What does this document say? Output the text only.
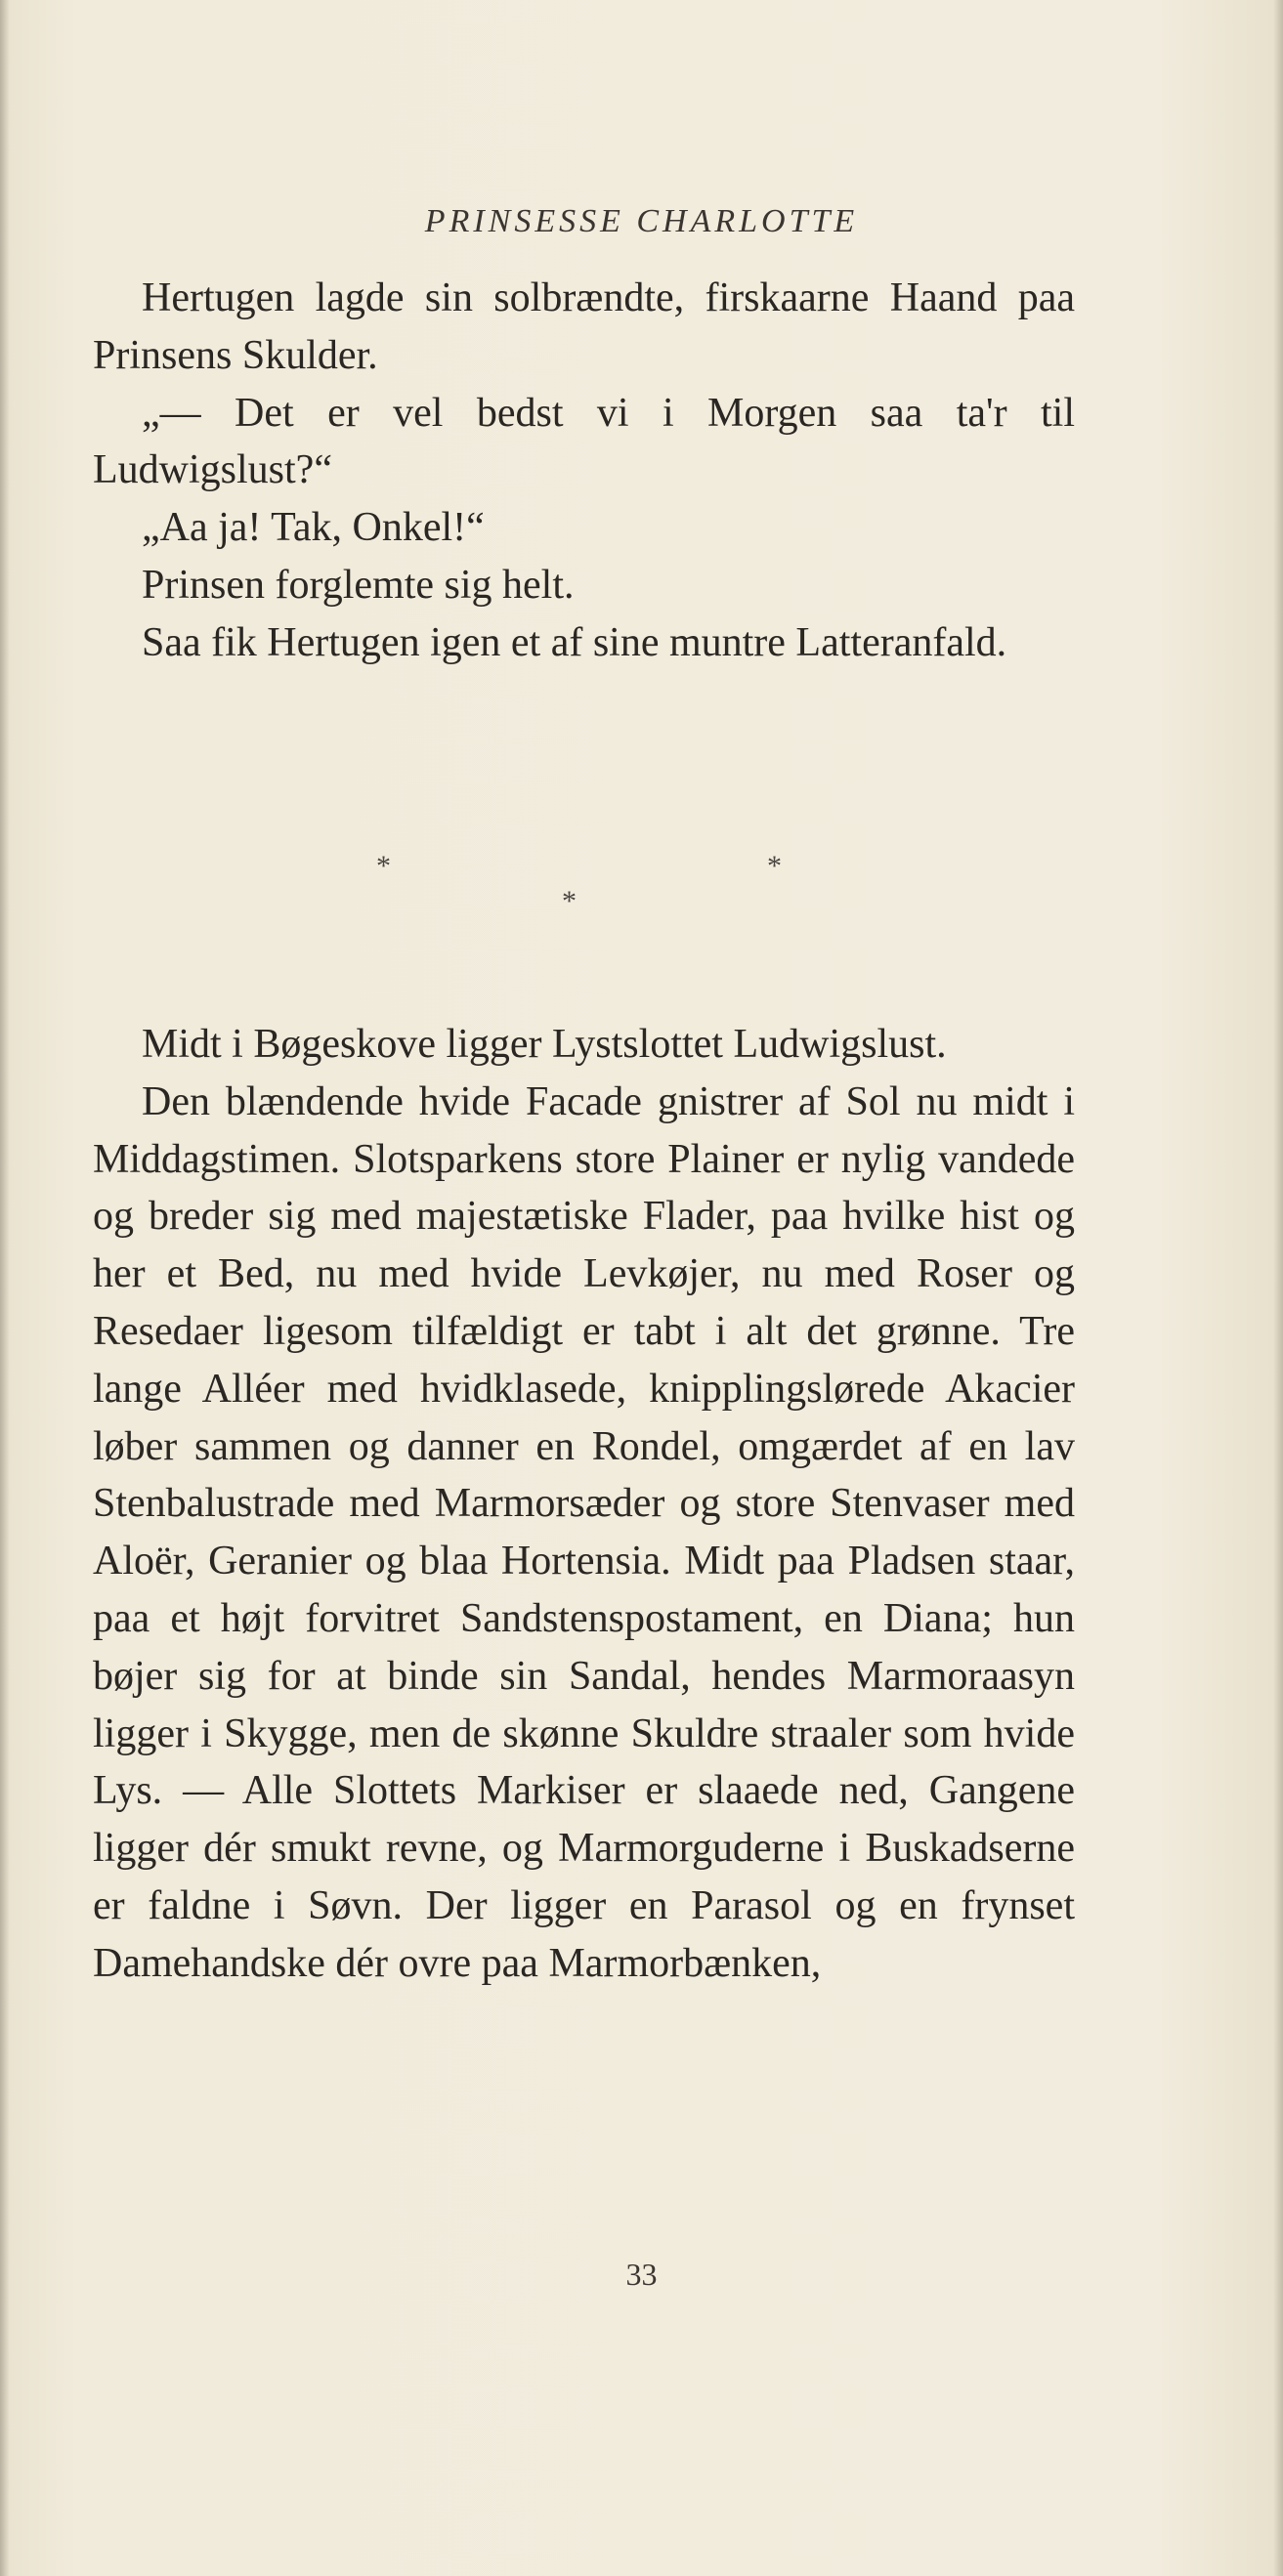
PRINSESSE CHARLOTTE

Hertugen lagde sin solbrændte, firskaarne Haand paa Prinsens Skulder.

„— Det er vel bedst vi i Morgen saa ta'r til Ludwigslust?“

„Aa ja! Tak, Onkel!“

Prinsen forglemte sig helt.

Saa fik Hertugen igen et af sine muntre Latteranfald.

*	*
*

Midt i Bøgeskove ligger Lystslottet Ludwigslust.

Den blændende hvide Facade gnistrer af Sol nu midt i Middagstimen. Slotsparkens store Plainer er nylig vandede og breder sig med majestætiske Flader, paa hvilke hist og her et Bed, nu med hvide Levkøjer, nu med Roser og Resedaer ligesom tilfældigt er tabt i alt det grønne. Tre lange Alléer med hvidklasede, knipplingslørede Akacier løber sammen og danner en Rondel, omgærdet af en lav Stenbalustrade med Marmorsæder og store Stenvaser med Aloër, Geranier og blaa Hortensia. Midt paa Pladsen staar, paa et højt forvitret Sandstenspostament, en Diana; hun bøjer sig for at binde sin Sandal, hendes Marmoraasyn ligger i Skygge, men de skønne Skuldre straaler som hvide Lys. — Alle Slottets Markiser er slaaede ned, Gangene ligger dér smukt revne, og Marmorguderne i Buskadserne er faldne i Søvn. Der ligger en Parasol og en frynset Damehandske dér ovre paa Marmorbænken,

33
